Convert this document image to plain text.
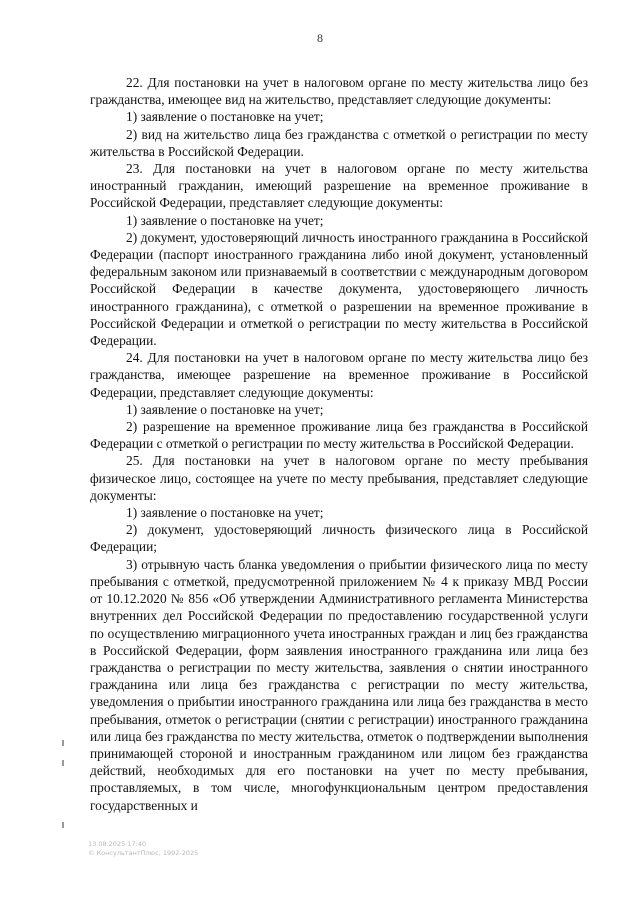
8

22. Для постановки на учет в налоговом органе по месту жительства лицо без гражданства, имеющее вид на жительство, представляет следующие документы:

1) заявление о постановке на учет;

2) вид на жительство лица без гражданства с отметкой о регистрации по месту жительства в Российской Федерации.

23. Для постановки на учет в налоговом органе по месту жительства иностранный гражданин, имеющий разрешение на временное проживание в Российской Федерации, представляет следующие документы:

1) заявление о постановке на учет;

2) документ, удостоверяющий личность иностранного гражданина в Российской Федерации (паспорт иностранного гражданина либо иной документ, установленный федеральным законом или признаваемый в соответствии с международным договором Российской Федерации в качестве документа, удостоверяющего личность иностранного гражданина), с отметкой о разрешении на временное проживание в Российской Федерации и отметкой о регистрации по месту жительства в Российской Федерации.

24. Для постановки на учет в налоговом органе по месту жительства лицо без гражданства, имеющее разрешение на временное проживание в Российской Федерации, представляет следующие документы:

1) заявление о постановке на учет;

2) разрешение на временное проживание лица без гражданства в Российской Федерации с отметкой о регистрации по месту жительства в Российской Федерации.

25. Для постановки на учет в налоговом органе по месту пребывания физическое лицо, состоящее на учете по месту пребывания, представляет следующие документы:

1) заявление о постановке на учет;

2) документ, удостоверяющий личность физического лица в Российской Федерации;

3) отрывную часть бланка уведомления о прибытии физического лица по месту пребывания с отметкой, предусмотренной приложением № 4 к приказу МВД России от 10.12.2020 № 856 «Об утверждении Административного регламента Министерства внутренних дел Российской Федерации по предоставлению государственной услуги по осуществлению миграционного учета иностранных граждан и лиц без гражданства в Российской Федерации, форм заявления иностранного гражданина или лица без гражданства о регистрации по месту жительства, заявления о снятии иностранного гражданина или лица без гражданства с регистрации по месту жительства, уведомления о прибытии иностранного гражданина или лица без гражданства в место пребывания, отметок о регистрации (снятии с регистрации) иностранного гражданина или лица без гражданства по месту жительства, отметок о подтверждении выполнения принимающей стороной и иностранным гражданином или лицом без гражданства действий, необходимых для его постановки на учет по месту пребывания, проставляемых, в том числе, многофункциональным центром предоставления государственных и

13.08.2025 17:40
© КонсультантПлюс, 1992-2025
